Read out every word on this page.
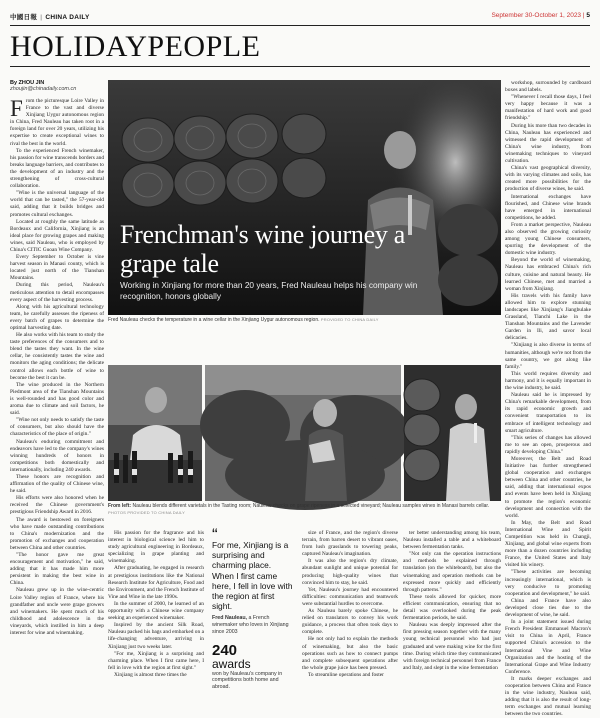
中國日報 | CHINA DAILY	September 30-October 1, 2023 | 5
HOLIDAYPEOPLE
By ZHOU JIN
zhoujin@chinadaily.com.cn
F rom the picturesque Loire Valley in France to the vast and diverse Xinjiang Uygur autonomous region in China, Fred Nauleau has taken root in a foreign land for over 20 years, utilizing his expertise to create exceptional wines to rival the best in the world.

To the experienced French winemaker, his passion for wine transcends borders and breaks language barriers, and contributes to the development of an industry and the strengthening of cross-cultural collaboration.

"Wine is the universal language of the world that can be tasted," the 57-year-old said, adding that it builds bridges and promotes cultural exchanges.

Located at roughly the same latitude as Bordeaux and California, Xinjiang is an ideal place for growing grapes and making wines, said Nauleau, who is employed by China's CITIC Guoan Wine Company.

Every September to October is vine harvest season in Manasi county, which is located just north of the Tianshan Mountains.

During this period, Nauleau's meticulous attention to detail encompasses every aspect of the harvesting process.

Along with his agricultural technology team, he carefully assesses the ripeness of every batch of grapes to determine the optimal harvesting date.

He also works with his team to study the taste preferences of the consumers and to blend the tastes they want. In the wine cellar, he consistently tastes the wine and monitors the aging conditions; the delicate control allows each bottle of wine to become the best it can be.

The wine produced in the Northern Piedmont area of the Tianshan Mountains is well-rounded and has good color and aroma due to climate and soil factors, he said.

"Wine not only needs to satisfy the taste of consumers, but also should have the characteristics of the place of origin."

Nauleau's enduring commitment and endeavors have led to the company's wines winning hundreds of honors in competitions both domestically and internationally, including 240 awards.

These honors are recognition and affirmation of the quality of Chinese wine, he said.

His efforts were also honored when he received the Chinese government's prestigious Friendship Award in 2016.

The award is bestowed on foreigners who have made outstanding contributions to China's modernization and the promotion of exchanges and cooperation between China and other countries.

"The honor gave me great encouragement and motivation," he said, adding that it has made him more persistent in making the best wine in China.

Nauleau grew up in the wine-centric Loire Valley region of France, where his grandfather and uncle were grape growers and winemakers. He spent much of his childhood and adolescence in the vineyards, which instilled in him a deep interest for wine and winemaking.

Frenchman's wine journey a grape tale
Working in Xinjiang for more than 20 years, Fred Nauleau helps his company win recognition, honors globally
Fred Nauleau checks the temperature in a wine cellar in the Xinjiang Uygur autonomous region. PROVIDED TO CHINA DAILY

workshop, surrounded by cardboard boxes and labels.

"Whenever I recall those days, I feel very happy because it was a manifestation of hard work and good friendship."

During his more than two decades in China, Nauleau has experienced and witnessed the rapid development of China's wine industry, from winemaking techniques to vineyard cultivation.

China's vast geographical diversity, with its varying climates and soils, has created more possibilities for the production of diverse wines, he said.

International exchanges have flourished, and Chinese wine brands have emerged in international competitions, he added.

From a market perspective, Nauleau also observed the growing curiosity among young Chinese consumers, spurring the development of the domestic wine industry.

Beyond the world of winemaking, Nauleau has embraced China's rich culture, cuisine and natural beauty. He learned Chinese, met and married a woman from Xinjiang.

His travels with his family have allowed him to explore stunning landscapes like Xinjiang's Jiangbulake Grassland, Tianchi Lake in the Tianshan Mountains and the Lavender Garden in Ili, and savor local delicacies.

"Xinjiang is also diverse in terms of humanities, although we're not from the same country, we got along like family."

This world requires diversity and harmony, and it is equally important in the wine industry, he said.

Nauleau said he is impressed by China's remarkable development, from its rapid economic growth and convenient transportation to its embrace of intelligent technology and smart agriculture.

"This series of changes has allowed me to see an open, prosperous and rapidly developing China."

Moreover, the Belt and Road Initiative has further strengthened global cooperation and exchanges between China and other countries, he said, adding that international expos and events have been held in Xinjiang to promote the region's economic development and connection with the world.

In May, the Belt and Road International Wine and Spirit Competition was held in Changji, Xinjiang, and global wine experts from more than a dozen countries including France, the United States and Italy visited his winery.

"These activities are becoming increasingly international, which is very conducive to promoting cooperation and development," he said.

China and France have also developed close ties due to the development of wine, he said.

In a joint statement issued during French President Emmanuel Macron's visit to China in April, France supported China's accession to the International Vine and Wine Organization and the hosting of the International Grape and Wine Industry Conference.

It marks deeper exchanges and cooperation between China and France in the wine industry, Nauleau said, adding that it is also the result of long-term exchanges and mutual learning between the two countries.

From left: Nauleau blends different varietals in the Tasting room; Nauleau checks on grape ripeness in a selected vineyard; Nauleau samples wines in Manasi barrels cellar. PHOTOS PROVIDED TO CHINA DAILY

His passion for the fragrance and his interest in biological science led him to study agricultural engineering in Bordeaux, specializing in grape planting and winemaking.

After graduating, he engaged in research at prestigious institutions like the National Research Institute for Agriculture, Food and the Environment, and the French Institute of Vine and Wine in the late 1990s.

In the summer of 2000, he learned of an opportunity with a Chinese wine company seeking an experienced winemaker.

Inspired by the ancient Silk Road, Nauleau packed his bags and embarked on a life-changing adventure, arriving in Xinjiang just two weeks later.

"For me, Xinjiang is a surprising and charming place. When I first came here, I fell in love with the region at first sight."

Xinjiang is almost three times the

“
For me, Xinjiang is a surprising and charming place. When I first came here, I fell in love with the region at first sight.
Fred Nauleau, a French winemaker who loves in Xinjiang since 2003
240
awards
won by Nauleau's company in competitions both home and abroad.

size of France, and the region's diverse terrain, from barren desert to vibrant oases, from lush grasslands to towering peaks, captured Nauleau's imagination.

It was also the region's dry climate, abundant sunlight and unique potential for producing high-quality wines that convinced him to stay, he said.

Yet, Nauleau's journey had encountered difficulties: communication and teamwork were substantial hurdles to overcome.

As Nauleau barely spoke Chinese, he relied on translators to convey his work guidance, a process that often took days to complete.

He not only had to explain the methods of winemaking, but also the basic operations such as how to connect pumps and complete subsequent operations after the whole grape juice has been pressed.

To streamline operations and foster

ter better understanding among his team, Nauleau installed a table and a whiteboard between fermentation tanks.

"Not only can the operation instructions and methods be explained through translation (on the whiteboard), but also the winemaking and operation methods can be expressed more quickly and efficiently through patterns."

These tools allowed for quicker, more efficient communication, ensuring that no detail was overlooked during the peak fermentation periods, he said.

Nauleau was deeply impressed after the first pressing season together with the many young technical personnel who had just graduated and were making wine for the first time. During which time they communicated with foreign technical personnel from France and Italy, and slept in the wine fermentation
